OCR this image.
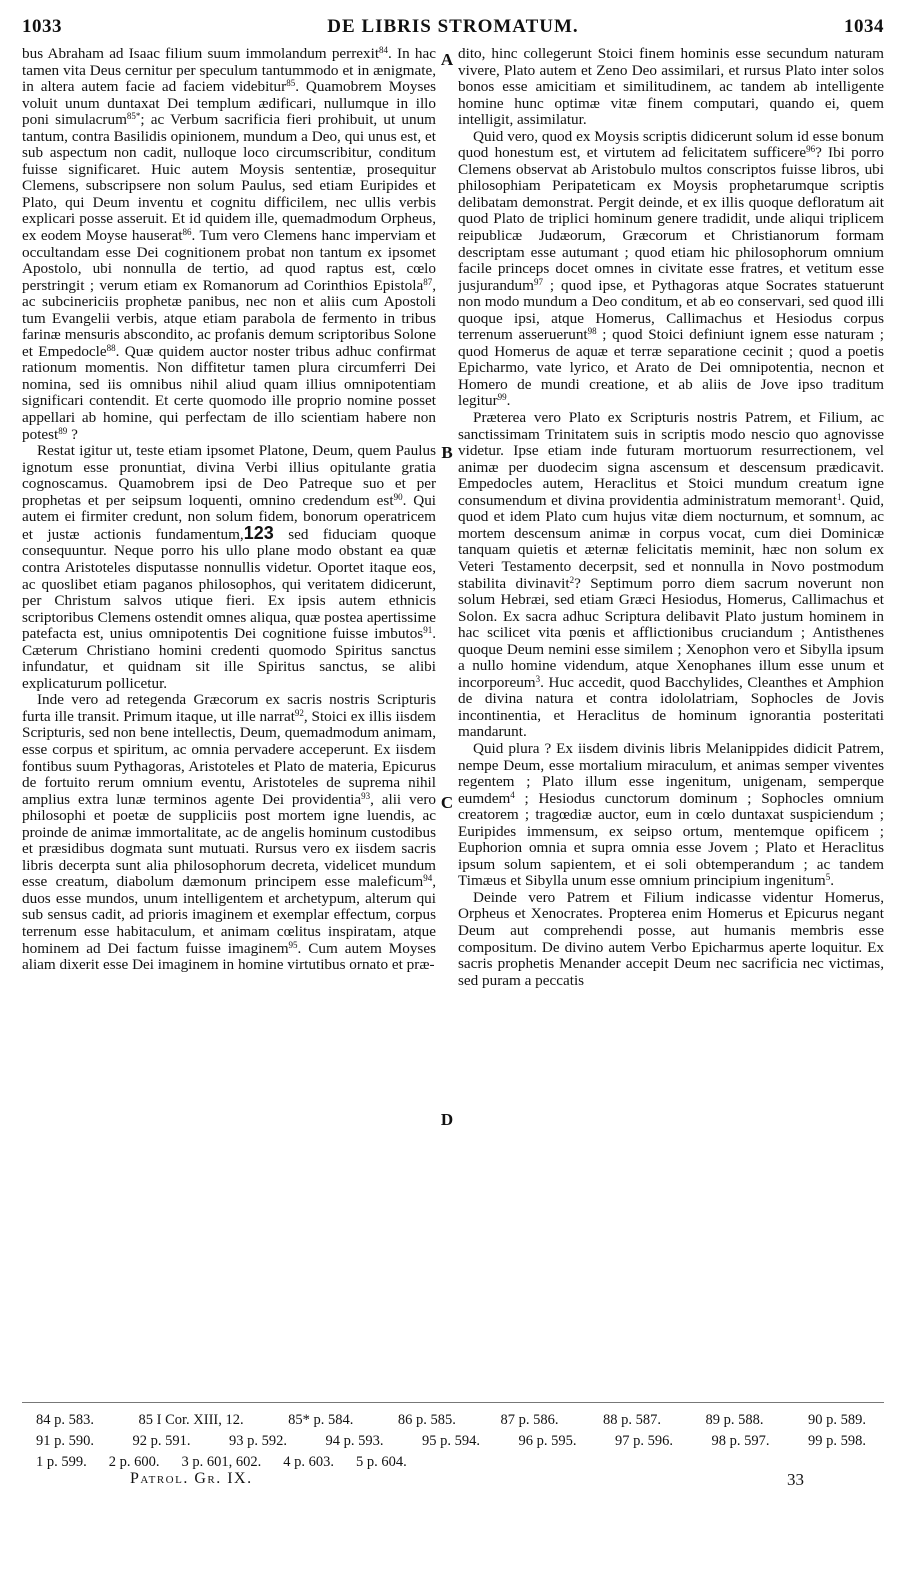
1033	DE LIBRIS STROMATUM.	1034

bus Abraham ad Isaac filium suum immolandum perrexit$^{84}$. In hac tamen vita Deus cernitur per speculum tantummodo et in ænigmate, in altera autem facie ad faciem videbitur$^{85}$. Quamobrem Moyses voluit unum duntaxat Dei templum ædificari, nullumque in illo poni simulacrum$^{85*}$; ac Verbum sacrificia fieri prohibuit, ut unum tantum, contra Basilidis opinionem, mundum a Deo, qui unus est, et sub aspectum non cadit, nulloque loco circumscribitur, conditum fuisse significaret. Huic autem Moysis sententiæ, prosequitur Clemens, subscripsere non solum Paulus, sed etiam Euripides et Plato, qui Deum inventu et cognitu difficilem, nec ullis verbis explicari posse asseruit. Et id quidem ille, quemadmodum Orpheus, ex eodem Moyse hauserat$^{86}$. Tum vero Clemens hanc imperviam et occultandam esse Dei cognitionem probat non tantum ex ipsomet Apostolo, ubi nonnulla de tertio, ad quod raptus est, cœlo perstringit ; verum etiam ex Romanorum ad Corinthios Epistola$^{87}$, ac subcinericiis prophetæ panibus, nec non et aliis cum Apostoli tum Evangelii verbis, atque etiam parabola de fermento in tribus farinæ mensuris abscondito, ac profanis demum scriptoribus Solone et Empedocle$^{88}$. Quæ quidem auctor noster tribus adhuc confirmat rationum momentis. Non diffitetur tamen plura circumferri Dei nomina, sed iis omnibus nihil aliud quam illius omnipotentiam significari contendit. Et certe quomodo ille proprio nomine posset appellari ab homine, qui perfectam de illo scientiam habere non potest$^{89}$ ?

Restat igitur ut, teste etiam ipsomet Platone, Deum, quem Paulus ignotum esse pronuntiat, divina Verbi illius opitulante gratia cognoscamus. Quamobrem ipsi de Deo Patreque suo et per prophetas et per seipsum loquenti, omnino credendum est$^{90}$. Qui autem ei firmiter credunt, non solum fidem, bonorum operatricem et justæ actionis fundamentum,123 sed fiduciam quoque consequuntur. Neque porro his ullo plane modo obstant ea quæ contra Aristoteles disputasse nonnullis videtur. Oportet itaque eos, ac quoslibet etiam paganos philosophos, qui veritatem didicerunt, per Christum salvos utique fieri. Ex ipsis autem ethnicis scriptoribus Clemens ostendit omnes aliqua, quæ postea apertissime patefacta est, unius omnipotentis Dei cognitione fuisse imbutos$^{91}$. Cæterum Christiano homini credenti quomodo Spiritus sanctus infundatur, et quidnam sit ille Spiritus sanctus, se alibi explicaturum pollicetur.

Inde vero ad retegenda Græcorum ex sacris nostris Scripturis furta ille transit. Primum itaque, ut ille narrat$^{92}$, Stoici ex illis iisdem Scripturis, sed non bene intellectis, Deum, quemadmodum animam, esse corpus et spiritum, ac omnia pervadere acceperunt. Ex iisdem fontibus suum Pythagoras, Aristoteles et Plato de materia, Epicurus de fortuito rerum omnium eventu, Aristoteles de suprema nihil amplius extra lunæ terminos agente Dei providentia$^{93}$, alii vero philosophi et poetæ de suppliciis post mortem igne luendis, ac proinde de animæ immortalitate, ac de angelis hominum custodibus et præsidibus dogmata sunt mutuati. Rursus vero ex iisdem sacris libris decerpta sunt alia philosophorum decreta, videlicet mundum esse creatum, diabolum dæmonum principem esse maleficum$^{94}$, duos esse mundos, unum intelligentem et archetypum, alterum qui sub sensus cadit, ad prioris imaginem et exemplar effectum, corpus terrenum esse habitaculum, et animam cœlitus inspiratam, atque hominem ad Dei factum fuisse imaginem$^{95}$. Cum autem Moyses aliam dixerit esse Dei imaginem in homine virtutibus ornato et præ-

A
B
C
D

dito, hinc collegerunt Stoici finem hominis esse secundum naturam vivere, Plato autem et Zeno Deo assimilari, et rursus Plato inter solos bonos esse amicitiam et similitudinem, ac tandem ab intelligente homine hunc optimæ vitæ finem computari, quando ei, quem intelligit, assimilatur.

Quid vero, quod ex Moysis scriptis didicerunt solum id esse bonum quod honestum est, et virtutem ad felicitatem sufficere$^{96}$? Ibi porro Clemens observat ab Aristobulo multos conscriptos fuisse libros, ubi philosophiam Peripateticam ex Moysis prophetarumque scriptis delibatam demonstrat. Pergit deinde, et ex illis quoque defloratum ait quod Plato de triplici hominum genere tradidit, unde aliqui triplicem reipublicæ Judæorum, Græcorum et Christianorum formam descriptam esse autumant ; quod etiam hic philosophorum omnium facile princeps docet omnes in civitate esse fratres, et vetitum esse jusjurandum$^{97}$ ; quod ipse, et Pythagoras atque Socrates statuerunt non modo mundum a Deo conditum, et ab eo conservari, sed quod illi quoque ipsi, atque Homerus, Callimachus et Hesiodus corpus terrenum asseruerunt$^{98}$ ; quod Stoici definiunt ignem esse naturam ; quod Homerus de aquæ et terræ separatione cecinit ; quod a poetis Epicharmo, vate lyrico, et Arato de Dei omnipotentia, necnon et Homero de mundi creatione, et ab aliis de Jove ipso traditum legitur$^{99}$.

Præterea vero Plato ex Scripturis nostris Patrem, et Filium, ac sanctissimam Trinitatem suis in scriptis modo nescio quo agnovisse videtur. Ipse etiam inde futuram mortuorum resurrectionem, vel animæ per duodecim signa ascensum et descensum prædicavit. Empedocles autem, Heraclitus et Stoici mundum creatum igne consumendum et divina providentia administratum memorant$^1$. Quid, quod et idem Plato cum hujus vitæ diem nocturnum, et somnum, ac mortem descensum animæ in corpus vocat, cum diei Dominicæ tanquam quietis et æternæ felicitatis meminit, hæc non solum ex Veteri Testamento decerpsit, sed et nonnulla in Novo postmodum stabilita divinavit$^2$? Septimum porro diem sacrum noverunt non solum Hebræi, sed etiam Græci Hesiodus, Homerus, Callimachus et Solon. Ex sacra adhuc Scriptura delibavit Plato justum hominem in hac scilicet vita pœnis et afflictionibus cruciandum ; Antisthenes quoque Deum nemini esse similem ; Xenophon vero et Sibylla ipsum a nullo homine videndum, atque Xenophanes illum esse unum et incorporeum$^3$. Huc accedit, quod Bacchylides, Cleanthes et Amphion de divina natura et contra idololatriam, Sophocles de Jovis incontinentia, et Heraclitus de hominum ignorantia posteritati mandarunt.

Quid plura ? Ex iisdem divinis libris Melanippides didicit Patrem, nempe Deum, esse mortalium miraculum, et animas semper viventes regentem ; Plato illum esse ingenitum, unigenam, semperque eumdem$^4$ ; Hesiodus cunctorum dominum ; Sophocles omnium creatorem ; tragœdiæ auctor, eum in cœlo duntaxat suspiciendum ; Euripides immensum, ex seipso ortum, mentemque opificem ; Euphorion omnia et supra omnia esse Jovem ; Plato et Heraclitus ipsum solum sapientem, et ei soli obtemperandum ; ac tandem Timæus et Sibylla unum esse omnium principium ingenitum$^5$.

Deinde vero Patrem et Filium indicasse videntur Homerus, Orpheus et Xenocrates. Propterea enim Homerus et Epicurus negant Deum aut comprehendi posse, aut humanis membris esse compositum. De divino autem Verbo Epicharmus aperte loquitur. Ex sacris prophetis Menander accepit Deum nec sacrificia nec victimas, sed puram a peccatis

84 p. 583.	85 I Cor. XIII, 12.	85* p. 584.	86 p. 585.	87 p. 586.	88 p. 587.	89 p. 588.	90 p. 589.
91 p. 590.	92 p. 591.	93 p. 592.	94 p. 593.	95 p. 594.	96 p. 595.	97 p. 596.	98 p. 597.	99 p. 598.
1 p. 599. 2 p. 600. 3 p. 601, 602. 4 p. 603. 5 p. 604.
Patrol. Gr. IX.	33
